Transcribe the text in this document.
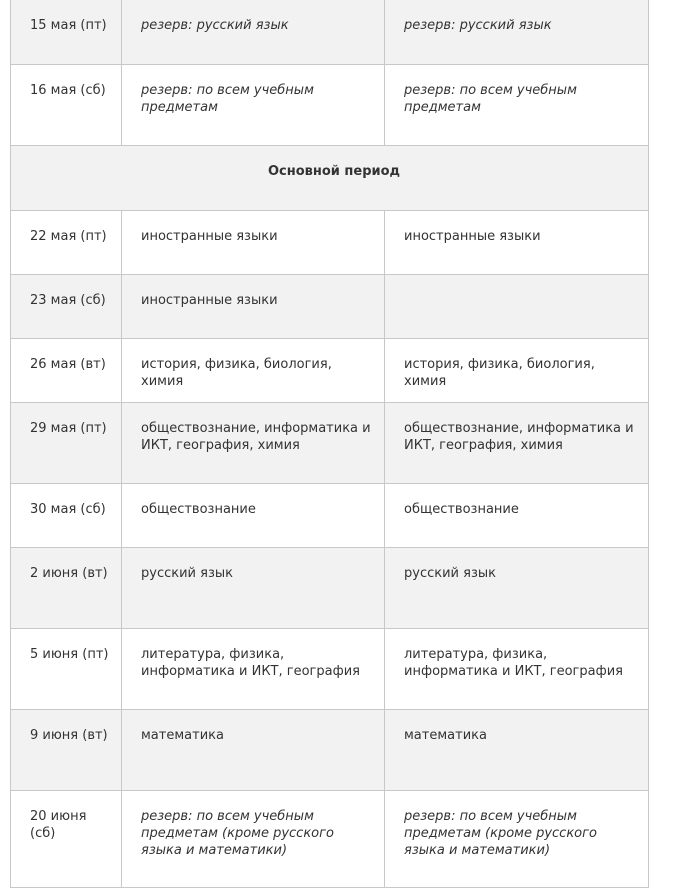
15 мая (пт)	резерв: русский язык	резерв: русский язык
16 мая (сб)	резерв: по всем учебным предметам	резерв: по всем учебным предметам
Основной период		
22 мая (пт)	иностранные языки	иностранные языки
23 мая (сб)	иностранные языки	
26 мая (вт)	история, физика, биология, химия	история, физика, биология, химия
29 мая (пт)	обществознание, информатика и ИКТ, география, химия	обществознание, информатика и ИКТ, география, химия
30 мая (сб)	обществознание	обществознание
2 июня (вт)	русский язык	русский язык
5 июня (пт)	литература, физика, информатика и ИКТ, география	литература, физика, информатика и ИКТ, география
9 июня (вт)	математика	математика
20 июня (сб)	резерв: по всем учебным предметам (кроме русского языка и математики)	резерв: по всем учебным предметам (кроме русского языка и математики)
